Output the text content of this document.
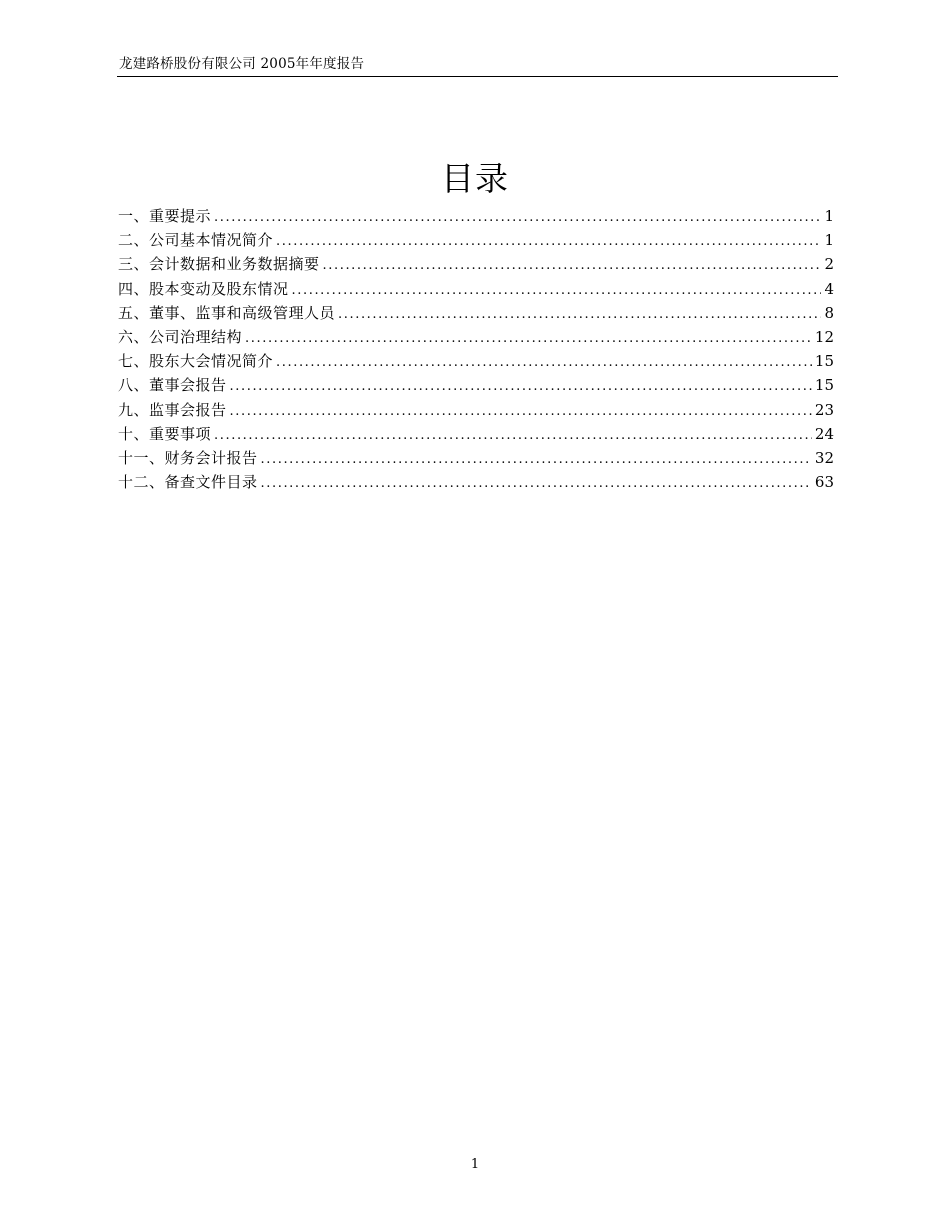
龙建路桥股份有限公司 2005年年度报告
目录
一、重要提示 .....	1
二、公司基本情况简介 .....	1
三、会计数据和业务数据摘要 .....	2
四、股本变动及股东情况 .....	4
五、董事、监事和高级管理人员 .....	8
六、公司治理结构 .....	12
七、股东大会情况简介 .....	15
八、董事会报告 .....	15
九、监事会报告 .....	23
十、重要事项 .....	24
十一、财务会计报告 .....	32
十二、备查文件目录 .....	63
1
